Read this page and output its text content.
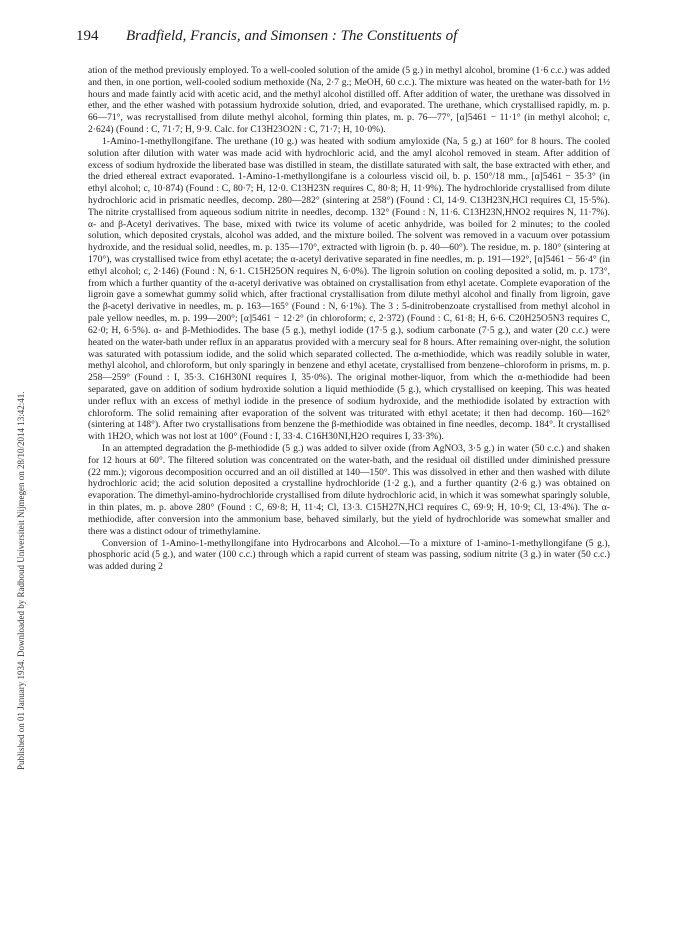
194 Bradfield, Francis, and Simonsen : The Constituents of
Published on 01 January 1934. Downloaded by Radboud Universiteit Nijmegen on 28/10/2014 13:42:41.

ation of the method previously employed. To a well-cooled solution of the amide (5 g.) in methyl alcohol, bromine (1·6 c.c.) was added and then, in one portion, well-cooled sodium methoxide (Na, 2·7 g.; MeOH, 60 c.c.). The mixture was heated on the water-bath for 1½ hours and made faintly acid with acetic acid, and the methyl alcohol distilled off. After addition of water, the urethane was dissolved in ether, and the ether washed with potassium hydroxide solution, dried, and evaporated. The urethane, which crystallised rapidly, m. p. 66—71°, was recrystallised from dilute methyl alcohol, forming thin plates, m. p. 76—77°, [α]5461 − 11·1° (in methyl alcohol; c, 2·624) (Found : C, 71·7; H, 9·9. Calc. for C13H23O2N : C, 71·7; H, 10·0%).

1-Amino-1-methyllongifane. The urethane (10 g.) was heated with sodium amyloxide (Na, 5 g.) at 160° for 8 hours. The cooled solution after dilution with water was made acid with hydrochloric acid, and the amyl alcohol removed in steam. After addition of excess of sodium hydroxide the liberated base was distilled in steam, the distillate saturated with salt, the base extracted with ether, and the dried ethereal extract evaporated. 1-Amino-1-methyllongifane is a colourless viscid oil, b. p. 150°/18 mm., [α]5461 − 35·3° (in ethyl alcohol; c, 10·874) (Found : C, 80·7; H, 12·0. C13H23N requires C, 80·8; H, 11·9%). The hydrochloride crystallised from dilute hydrochloric acid in prismatic needles, decomp. 280—282° (sintering at 258°) (Found : Cl, 14·9. C13H23N,HCl requires Cl, 15·5%). The nitrite crystallised from aqueous sodium nitrite in needles, decomp. 132° (Found : N, 11·6. C13H23N,HNO2 requires N, 11·7%). α- and β-Acetyl derivatives. The base, mixed with twice its volume of acetic anhydride, was boiled for 2 minutes; to the cooled solution, which deposited crystals, alcohol was added, and the mixture boiled. The solvent was removed in a vacuum over potassium hydroxide, and the residual solid, needles, m. p. 135—170°, extracted with ligroin (b. p. 40—60°). The residue, m. p. 180° (sintering at 170°), was crystallised twice from ethyl acetate; the α-acetyl derivative separated in fine needles, m. p. 191—192°, [α]5461 − 56·4° (in ethyl alcohol; c, 2·146) (Found : N, 6·1. C15H25ON requires N, 6·0%). The ligroin solution on cooling deposited a solid, m. p. 173°, from which a further quantity of the α-acetyl derivative was obtained on crystallisation from ethyl acetate. Complete evaporation of the ligroin gave a somewhat gummy solid which, after fractional crystallisation from dilute methyl alcohol and finally from ligroin, gave the β-acetyl derivative in needles, m. p. 163—165° (Found : N, 6·1%). The 3 : 5-dinitrobenzoate crystallised from methyl alcohol in pale yellow needles, m. p. 199—200°; [α]5461 − 12·2° (in chloroform; c, 2·372) (Found : C, 61·8; H, 6·6. C20H25O5N3 requires C, 62·0; H, 6·5%). α- and β-Methiodides. The base (5 g.), methyl iodide (17·5 g.), sodium carbonate (7·5 g.), and water (20 c.c.) were heated on the water-bath under reflux in an apparatus provided with a mercury seal for 8 hours. After remaining over-night, the solution was saturated with potassium iodide, and the solid which separated collected. The α-methiodide, which was readily soluble in water, methyl alcohol, and chloroform, but only sparingly in benzene and ethyl acetate, crystallised from benzene–chloroform in prisms, m. p. 258—259° (Found : I, 35·3. C16H30NI requires I, 35·0%). The original mother-liquor, from which the α-methiodide had been separated, gave on addition of sodium hydroxide solution a liquid methiodide (5 g.), which crystallised on keeping. This was heated under reflux with an excess of methyl iodide in the presence of sodium hydroxide, and the methiodide isolated by extraction with chloroform. The solid remaining after evaporation of the solvent was triturated with ethyl acetate; it then had decomp. 160—162° (sintering at 148°). After two crystallisations from benzene the β-methiodide was obtained in fine needles, decomp. 184°. It crystallised with 1H2O, which was not lost at 100° (Found : I, 33·4. C16H30NI,H2O requires I, 33·3%).

In an attempted degradation the β-methiodide (5 g.) was added to silver oxide (from AgNO3, 3·5 g.) in water (50 c.c.) and shaken for 12 hours at 60°. The filtered solution was concentrated on the water-bath, and the residual oil distilled under diminished pressure (22 mm.); vigorous decomposition occurred and an oil distilled at 140—150°. This was dissolved in ether and then washed with dilute hydrochloric acid; the acid solution deposited a crystalline hydrochloride (1·2 g.), and a further quantity (2·6 g.) was obtained on evaporation. The dimethyl-amino-hydrochloride crystallised from dilute hydrochloric acid, in which it was somewhat sparingly soluble, in thin plates, m. p. above 280° (Found : C, 69·8; H, 11·4; Cl, 13·3. C15H27N,HCl requires C, 69·9; H, 10·9; Cl, 13·4%). The α-methiodide, after conversion into the ammonium base, behaved similarly, but the yield of hydrochloride was somewhat smaller and there was a distinct odour of trimethylamine.

Conversion of 1-Amino-1-methyllongifane into Hydrocarbons and Alcohol.—To a mixture of 1-amino-1-methyllongifane (5 g.), phosphoric acid (5 g.), and water (100 c.c.) through which a rapid current of steam was passing, sodium nitrite (3 g.) in water (50 c.c.) was added during 2
